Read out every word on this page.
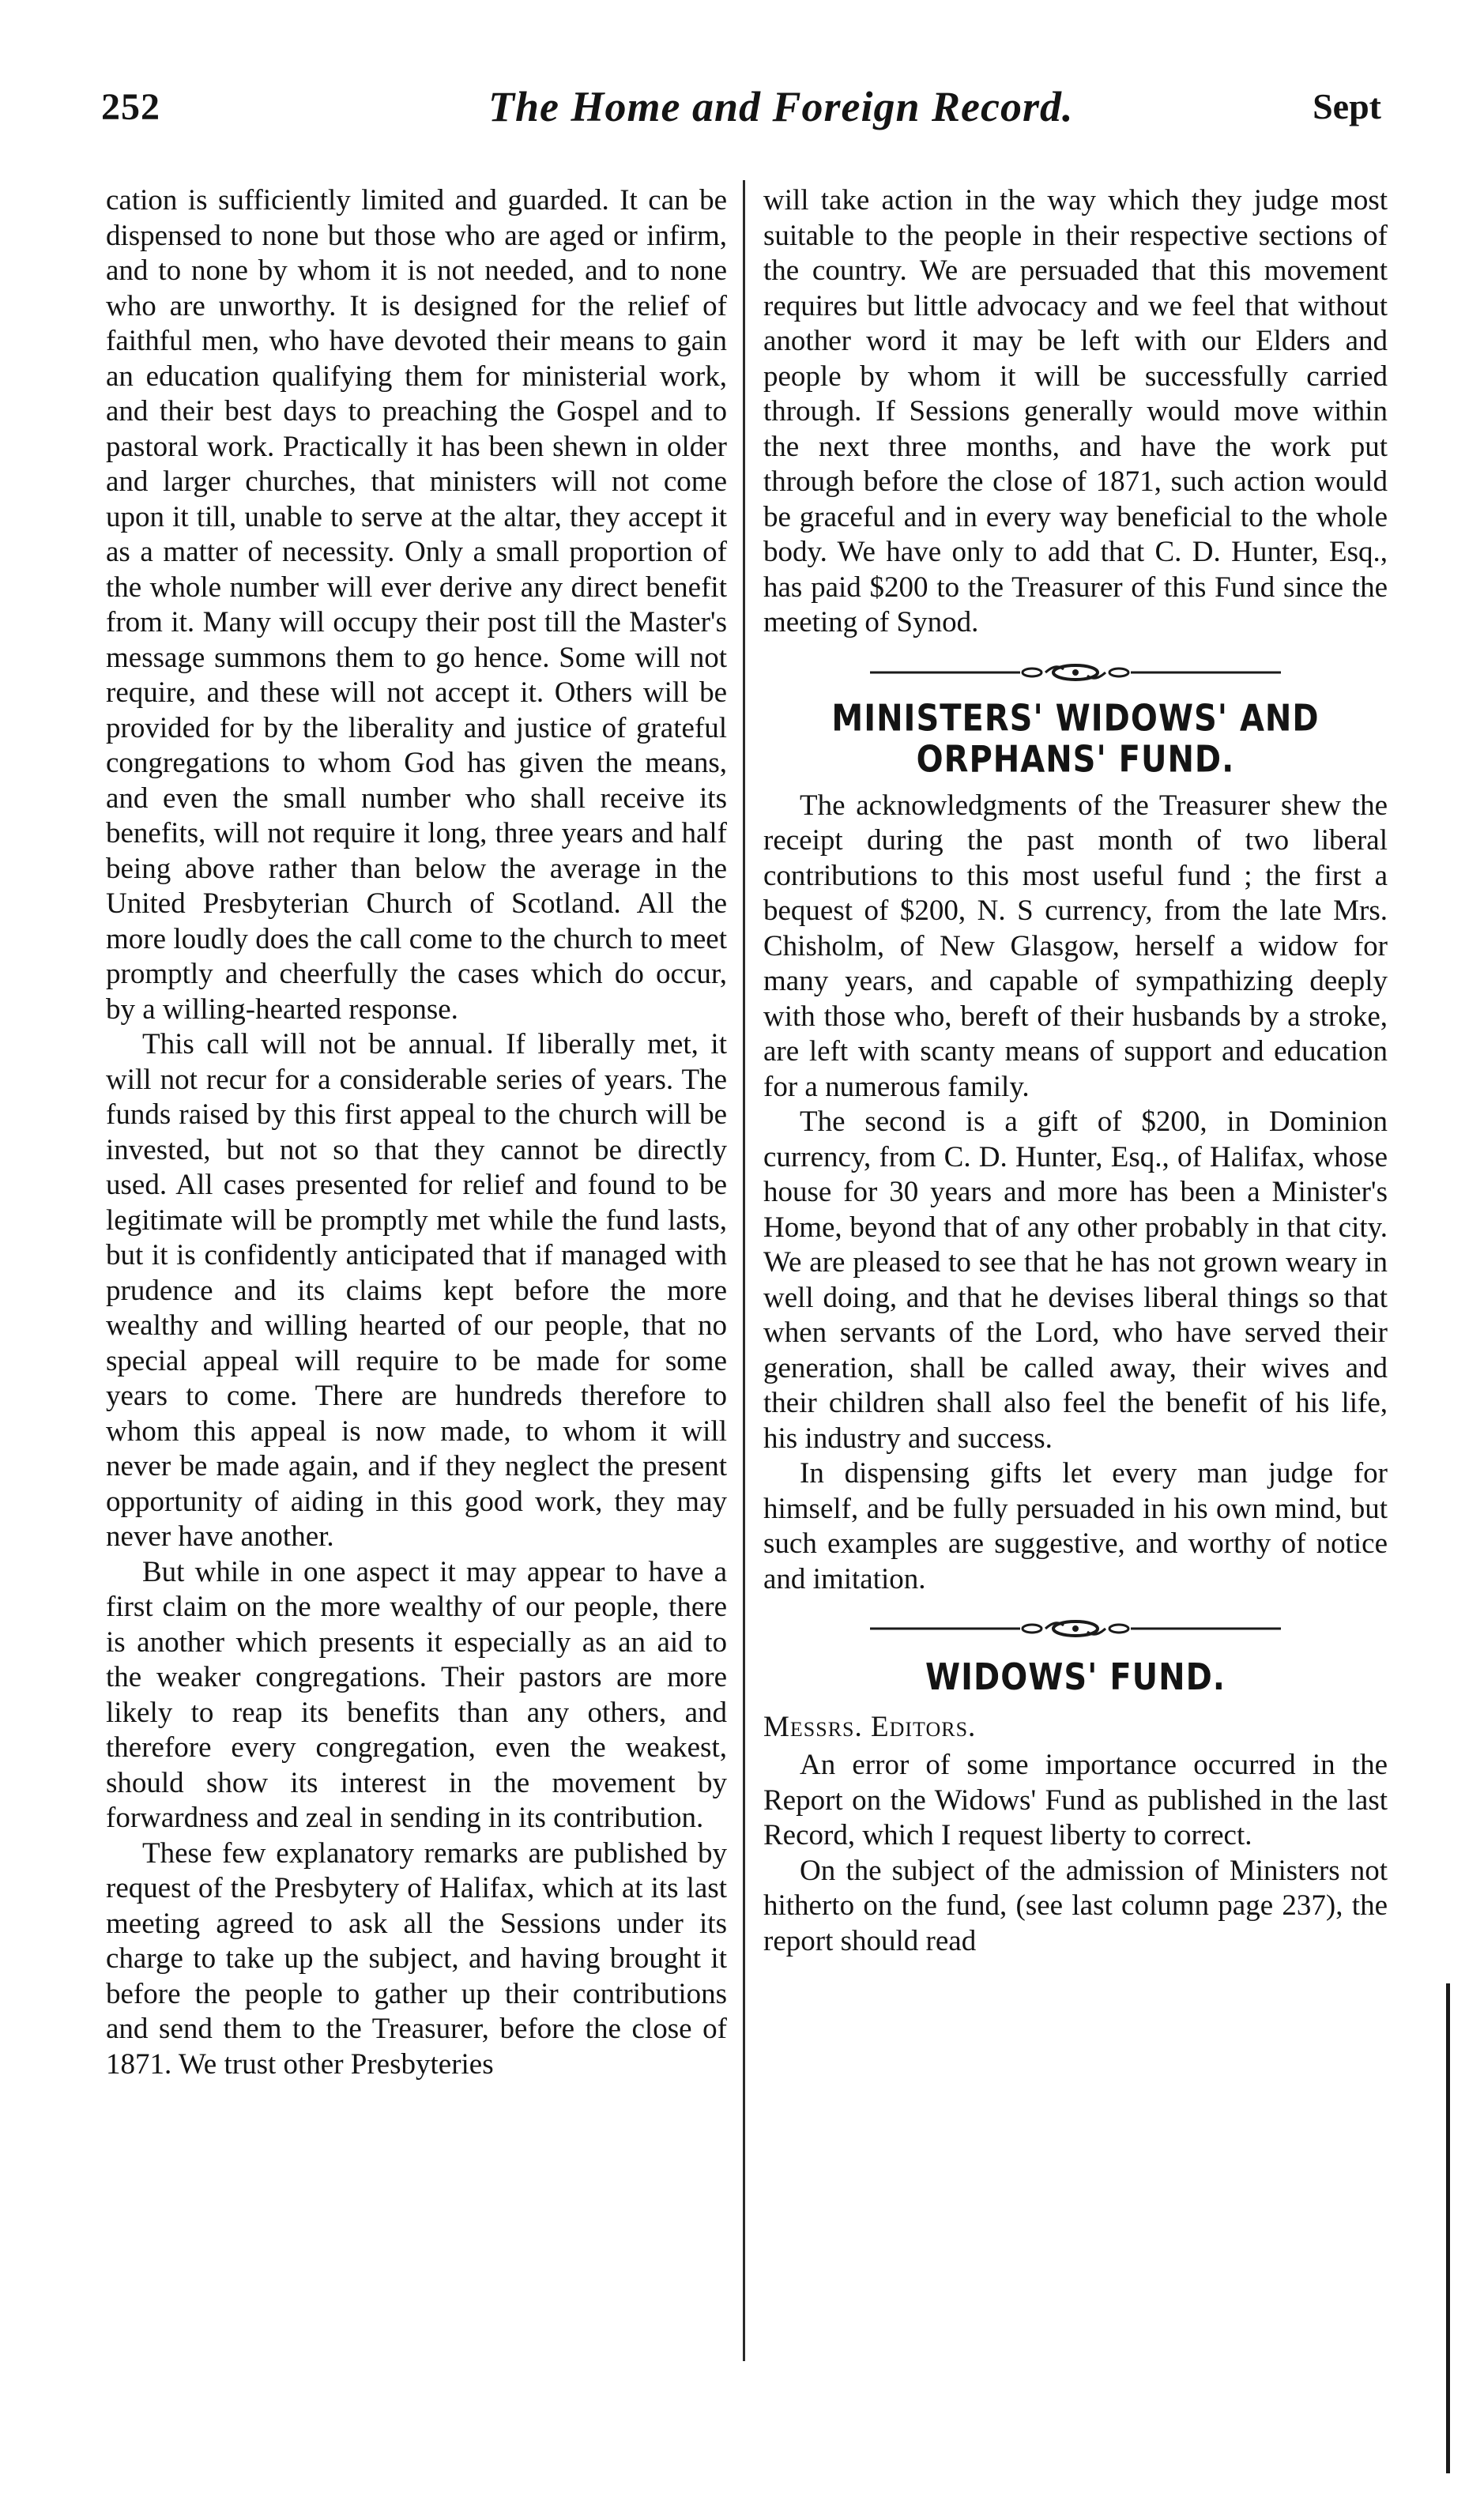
252	The Home and Foreign Record.	Sept

cation is sufficiently limited and guarded. It can be dispensed to none but those who are aged or infirm, and to none by whom it is not needed, and to none who are unworthy. It is designed for the relief of faithful men, who have devoted their means to gain an education qualifying them for ministerial work, and their best days to preaching the Gospel and to pastoral work. Practically it has been shewn in older and larger churches, that ministers will not come upon it till, unable to serve at the altar, they accept it as a matter of necessity. Only a small proportion of the whole number will ever derive any direct benefit from it. Many will occupy their post till the Master's message summons them to go hence. Some will not require, and these will not accept it. Others will be provided for by the liberality and justice of grateful congregations to whom God has given the means, and even the small number who shall receive its benefits, will not require it long, three years and half being above rather than below the average in the United Presbyterian Church of Scotland. All the more loudly does the call come to the church to meet promptly and cheerfully the cases which do occur, by a willing-hearted response.

This call will not be annual. If liberally met, it will not recur for a considerable series of years. The funds raised by this first appeal to the church will be invested, but not so that they cannot be directly used. All cases presented for relief and found to be legitimate will be promptly met while the fund lasts, but it is confidently anticipated that if managed with prudence and its claims kept before the more wealthy and willing hearted of our people, that no special appeal will require to be made for some years to come. There are hundreds therefore to whom this appeal is now made, to whom it will never be made again, and if they neglect the present opportunity of aiding in this good work, they may never have another.

But while in one aspect it may appear to have a first claim on the more wealthy of our people, there is another which presents it especially as an aid to the weaker congregations. Their pastors are more likely to reap its benefits than any others, and therefore every congregation, even the weakest, should show its interest in the movement by forwardness and zeal in sending in its contribution.

These few explanatory remarks are published by request of the Presbytery of Halifax, which at its last meeting agreed to ask all the Sessions under its charge to take up the subject, and having brought it before the people to gather up their contributions and send them to the Treasurer, before the close of 1871. We trust other Presbyteries

will take action in the way which they judge most suitable to the people in their respective sections of the country. We are persuaded that this movement requires but little advocacy and we feel that without another word it may be left with our Elders and people by whom it will be successfully carried through. If Sessions generally would move within the next three months, and have the work put through before the close of 1871, such action would be graceful and in every way beneficial to the whole body. We have only to add that C. D. Hunter, Esq., has paid $200 to the Treasurer of this Fund since the meeting of Synod.

MINISTERS' WIDOWS' AND ORPHANS' FUND.

The acknowledgments of the Treasurer shew the receipt during the past month of two liberal contributions to this most useful fund ; the first a bequest of $200, N. S currency, from the late Mrs. Chisholm, of New Glasgow, herself a widow for many years, and capable of sympathizing deeply with those who, bereft of their husbands by a stroke, are left with scanty means of support and education for a numerous family.

The second is a gift of $200, in Dominion currency, from C. D. Hunter, Esq., of Halifax, whose house for 30 years and more has been a Minister's Home, beyond that of any other probably in that city. We are pleased to see that he has not grown weary in well doing, and that he devises liberal things so that when servants of the Lord, who have served their generation, shall be called away, their wives and their children shall also feel the benefit of his life, his industry and success.

In dispensing gifts let every man judge for himself, and be fully persuaded in his own mind, but such examples are suggestive, and worthy of notice and imitation.

WIDOWS' FUND.
Messrs. Editors.

An error of some importance occurred in the Report on the Widows' Fund as published in the last Record, which I request liberty to correct.

On the subject of the admission of Ministers not hitherto on the fund, (see last column page 237), the report should read
